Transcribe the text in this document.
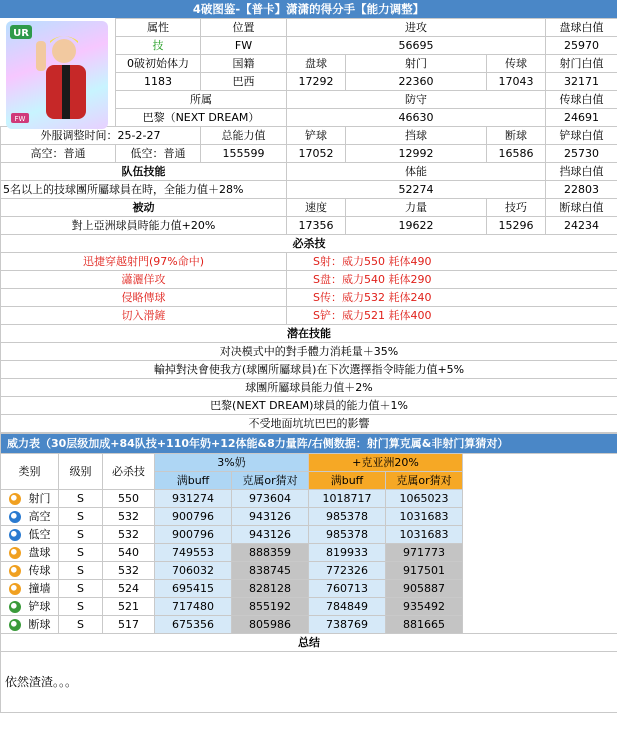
4破图鉴-【普卡】潇潇的得分手【能力调整】
UR
FW
	属性	位置	进攻			盘球白值
	技	FW	56695			25970
	0破初始体力	国籍	盘球	射门	传球	射门白值
	1183	巴西	17292	22360	17043	32171
	所属		防守			传球白值
	巴黎（NEXT DREAM）		46630			24691
外服调整时间：25-2-27		总能力值	铲球	挡球	断球	铲球白值
高空：普通	低空：普通	155599	17052	12992	16586	25730
队伍技能			体能			挡球白值
5名以上的技球團所屬球員在時，全能力值＋28%			52274			22803
被动			速度	力量	技巧	断球白值
對上亞洲球員時能力值+20%			17356	19622	15296	24234
必杀技						
迅捷穿越射門(97%命中)			S射：威力550 耗体490			
瀟灑佯攻			S盘：威力540 耗体290			
侵略傳球			S传：威力532 耗体240			
切入滑鏟			S铲：威力521 耗体400			
潜在技能						
对决模式中的對手體力消耗量＋35%						
輸掉對決會使我方(球團所屬球員)在下次選擇指令時能力值+5%						
球團所屬球員能力值＋2%						
巴黎(NEXT DREAM)球員的能力值＋1%						
不受地面坑坑巴巴的影響						
威力表（30层级加成+84队技+110年奶+12体能&8力量阵/右侧数据：射门算克属&非射门算猜对）							
类别	级别	必杀技	3%奶		+克亚洲20%		
			满buff	克属or猜对	满buff	克属or猜对	
射门	S	550	931274	973604	1018717	1065023	
高空	S	532	900796	943126	985378	1031683	
低空	S	532	900796	943126	985378	1031683	
盘球	S	540	749553	888359	819933	971773	
传球	S	532	706032	838745	772326	917501	
撞墙	S	524	695415	828128	760713	905887	
铲球	S	521	717480	855192	784849	935492	
断球	S	517	675356	805986	738769	881665	
总结							
依然渣渣。。。							
